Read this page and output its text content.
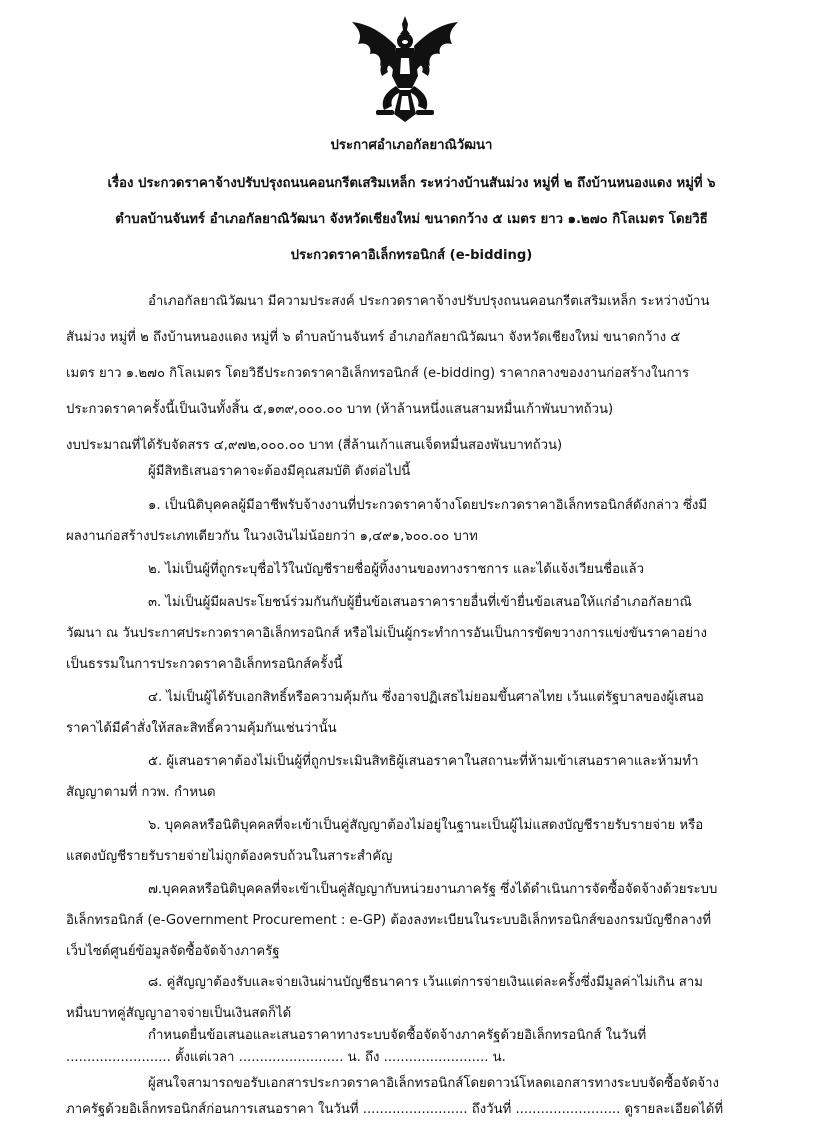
ประกาศอำเภอกัลยาณิวัฒนา
เรื่อง ประกวดราคาจ้างปรับปรุงถนนคอนกรีตเสริมเหล็ก ระหว่างบ้านสันม่วง หมู่ที่ ๒ ถึงบ้านหนองแดง หมู่ที่ ๖
ตำบลบ้านจันทร์ อำเภอกัลยาณิวัฒนา จังหวัดเชียงใหม่ ขนาดกว้าง ๕ เมตร ยาว ๑.๒๗๐ กิโลเมตร โดยวิธี
ประกวดราคาอิเล็กทรอนิกส์ (e-bidding)
อำเภอกัลยาณิวัฒนา มีความประสงค์ ประกวดราคาจ้างปรับปรุงถนนคอนกรีตเสริมเหล็ก ระหว่างบ้าน
สันม่วง หมู่ที่ ๒ ถึงบ้านหนองแดง หมู่ที่ ๖ ตำบลบ้านจันทร์ อำเภอกัลยาณิวัฒนา จังหวัดเชียงใหม่ ขนาดกว้าง ๕
เมตร ยาว ๑.๒๗๐ กิโลเมตร โดยวิธีประกวดราคาอิเล็กทรอนิกส์ (e-bidding) ราคากลางของงานก่อสร้างในการ
ประกวดราคาครั้งนี้เป็นเงินทั้งสิ้น ๕,๑๓๙,๐๐๐.๐๐ บาท (ห้าล้านหนึ่งแสนสามหมื่นเก้าพันบาทถ้วน)
งบประมาณที่ได้รับจัดสรร ๔,๙๗๒,๐๐๐.๐๐ บาท (สี่ล้านเก้าแสนเจ็ดหมื่นสองพันบาทถ้วน)
ผู้มีสิทธิเสนอราคาจะต้องมีคุณสมบัติ ดังต่อไปนี้
๑. เป็นนิติบุคคลผู้มีอาชีพรับจ้างงานที่ประกวดราคาจ้างโดยประกวดราคาอิเล็กทรอนิกส์ดังกล่าว ซึ่งมี
ผลงานก่อสร้างประเภทเดียวกัน ในวงเงินไม่น้อยกว่า ๑,๔๙๑,๖๐๐.๐๐ บาท
๒. ไม่เป็นผู้ที่ถูกระบุชื่อไว้ในบัญชีรายชื่อผู้ทิ้งงานของทางราชการ และได้แจ้งเวียนชื่อแล้ว
๓. ไม่เป็นผู้มีผลประโยชน์ร่วมกันกับผู้ยื่นข้อเสนอราคารายอื่นที่เข้ายื่นข้อเสนอให้แก่อำเภอกัลยาณิ
วัฒนา ณ วันประกาศประกวดราคาอิเล็กทรอนิกส์ หรือไม่เป็นผู้กระทำการอันเป็นการขัดขวางการแข่งขันราคาอย่าง
เป็นธรรมในการประกวดราคาอิเล็กทรอนิกส์ครั้งนี้
๔. ไม่เป็นผู้ได้รับเอกสิทธิ์หรือความคุ้มกัน ซึ่งอาจปฏิเสธไม่ยอมขึ้นศาลไทย เว้นแต่รัฐบาลของผู้เสนอ
ราคาได้มีคำสั่งให้สละสิทธิ์ความคุ้มกันเช่นว่านั้น
๕. ผู้เสนอราคาต้องไม่เป็นผู้ที่ถูกประเมินสิทธิผู้เสนอราคาในสถานะที่ห้ามเข้าเสนอราคาและห้ามทำ
สัญญาตามที่ กวพ. กำหนด
๖. บุคคลหรือนิติบุคคลที่จะเข้าเป็นคู่สัญญาต้องไม่อยู่ในฐานะเป็นผู้ไม่แสดงบัญชีรายรับรายจ่าย หรือ
แสดงบัญชีรายรับรายจ่ายไม่ถูกต้องครบถ้วนในสาระสำคัญ
๗.บุคคลหรือนิติบุคคลที่จะเข้าเป็นคู่สัญญากับหน่วยงานภาครัฐ ซึ่งได้ดำเนินการจัดซื้อจัดจ้างด้วยระบบ
อิเล็กทรอนิกส์ (e-Government Procurement : e-GP) ต้องลงทะเบียนในระบบอิเล็กทรอนิกส์ของกรมบัญชีกลางที่
เว็บไซต์ศูนย์ข้อมูลจัดซื้อจัดจ้างภาครัฐ
๘. คู่สัญญาต้องรับและจ่ายเงินผ่านบัญชีธนาคาร เว้นแต่การจ่ายเงินแต่ละครั้งซึ่งมีมูลค่าไม่เกิน สาม
หมื่นบาทคู่สัญญาอาจจ่ายเป็นเงินสดก็ได้
กำหนดยื่นข้อเสนอและเสนอราคาทางระบบจัดซื้อจัดจ้างภาครัฐด้วยอิเล็กทรอนิกส์ ในวันที่
......................... ตั้งแต่เวลา ......................... น. ถึง ......................... น.
ผู้สนใจสามารถขอรับเอกสารประกวดราคาอิเล็กทรอนิกส์โดยดาวน์โหลดเอกสารทางระบบจัดซื้อจัดจ้าง
ภาครัฐด้วยอิเล็กทรอนิกส์ก่อนการเสนอราคา ในวันที่ ......................... ถึงวันที่ ......................... ดูรายละเอียดได้ที่
